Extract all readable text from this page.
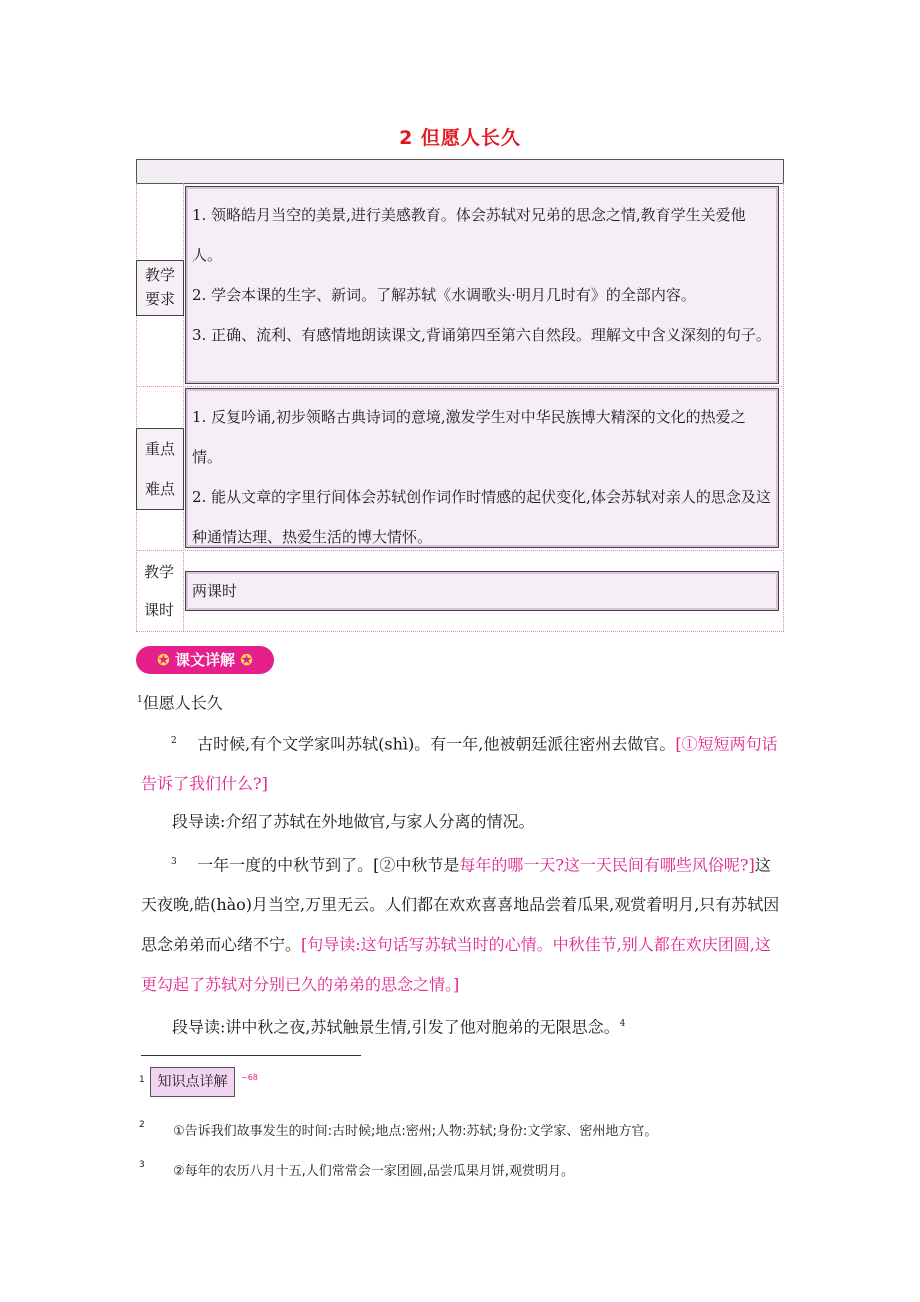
2 但愿人长久
教学
要求

1. 领略皓月当空的美景,进行美感教育。体会苏轼对兄弟的思念之情,教育学生关爱他人。

2. 学会本课的生字、新词。了解苏轼《水调歌头·明月几时有》的全部内容。

3. 正确、流利、有感情地朗读课文,背诵第四至第六自然段。理解文中含义深刻的句子。

重点
难点

1. 反复吟诵,初步领略古典诗词的意境,激发学生对中华民族博大精深的文化的热爱之情。

2. 能从文章的字里行间体会苏轼创作词作时情感的起伏变化,体会苏轼对亲人的思念及这种通情达理、热爱生活的博大情怀。

教学
课时

两课时

✪ 课文详解 ✪
$^1$但愿人长久
$^2$ 古时候,有个文学家叫苏轼(shì)。有一年,他被朝廷派往密州去做官。[①短短两句话告诉了我们什么?]
段导读:介绍了苏轼在外地做官,与家人分离的情况。
$^3$ 一年一度的中秋节到了。[②中秋节是每年的哪一天?这一天民间有哪些风俗呢?]这天夜晚,皓(hào)月当空,万里无云。人们都在欢欢喜喜地品尝着瓜果,观赏着明月,只有苏轼因思念弟弟而心绪不宁。[句导读:这句话写苏轼当时的心情。中秋佳节,别人都在欢庆团圆,这更勾起了苏轼对分别已久的弟弟的思念之情。]
段导读:讲中秋之夜,苏轼触景生情,引发了他对胞弟的无限思念。$^4$
1 知识点详解	~68
2 ①告诉我们故事发生的时间:古时候;地点:密州;人物:苏轼;身份:文学家、密州地方官。
3 ②每年的农历八月十五,人们常常会一家团圆,品尝瓜果月饼,观赏明月。
